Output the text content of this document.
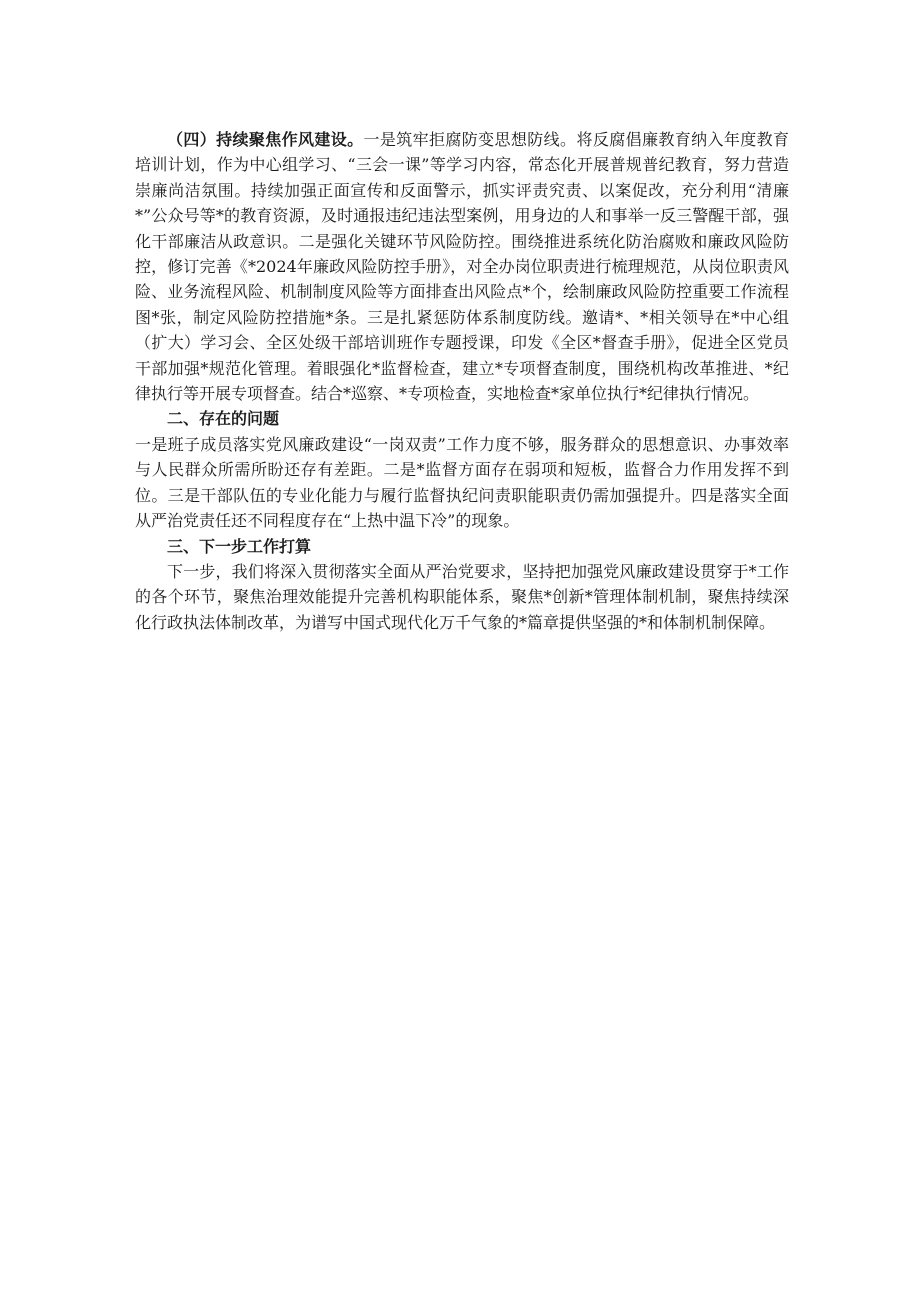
（四）持续聚焦作风建设。一是筑牢拒腐防变思想防线。将反腐倡廉教育纳入年度教育培训计划，作为中心组学习、“三会一课”等学习内容，常态化开展普规普纪教育，努力营造崇廉尚洁氛围。持续加强正面宣传和反面警示，抓实评责究责、以案促改，充分利用“清廉*”公众号等*的教育资源，及时通报违纪违法型案例，用身边的人和事举一反三警醒干部，强化干部廉洁从政意识。二是强化关键环节风险防控。围绕推进系统化防治腐败和廉政风险防控，修订完善《*2024年廉政风险防控手册》，对全办岗位职责进行梳理规范，从岗位职责风险、业务流程风险、机制制度风险等方面排查出风险点*个，绘制廉政风险防控重要工作流程图*张，制定风险防控措施*条。三是扎紧惩防体系制度防线。邀请*、*相关领导在*中心组（扩大）学习会、全区处级干部培训班作专题授课，印发《全区*督查手册》，促进全区党员干部加强*规范化管理。着眼强化*监督检查，建立*专项督查制度，围绕机构改革推进、*纪律执行等开展专项督查。结合*巡察、*专项检查，实地检查*家单位执行*纪律执行情况。

二、存在的问题

一是班子成员落实党风廉政建设“一岗双责”工作力度不够，服务群众的思想意识、办事效率与人民群众所需所盼还存有差距。二是*监督方面存在弱项和短板，监督合力作用发挥不到位。三是干部队伍的专业化能力与履行监督执纪问责职能职责仍需加强提升。四是落实全面从严治党责任还不同程度存在“上热中温下冷”的现象。

三、下一步工作打算

下一步，我们将深入贯彻落实全面从严治党要求，坚持把加强党风廉政建设贯穿于*工作的各个环节，聚焦治理效能提升完善机构职能体系，聚焦*创新*管理体制机制，聚焦持续深化行政执法体制改革，为谱写中国式现代化万千气象的*篇章提供坚强的*和体制机制保障。
